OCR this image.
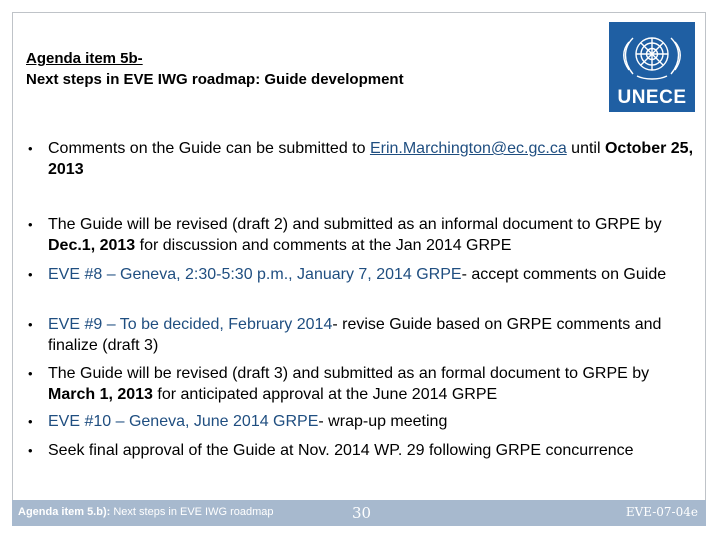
Agenda item 5b-
Next steps in EVE IWG roadmap: Guide development
UNECE
• Comments on the Guide can be submitted to Erin.Marchington@ec.gc.ca until October 25, 2013
• The Guide will be revised (draft 2) and submitted as an informal document to GRPE by Dec.1, 2013 for discussion and comments at the Jan 2014 GRPE
• EVE #8 – Geneva, 2:30-5:30 p.m., January 7, 2014 GRPE- accept comments on Guide
• EVE #9 – To be decided, February 2014- revise Guide based on GRPE comments and finalize (draft 3)
• The Guide will be revised (draft 3) and submitted as an formal document to GRPE by March 1, 2013 for anticipated approval at the June 2014 GRPE
• EVE #10 – Geneva, June 2014 GRPE- wrap-up meeting
• Seek final approval of the Guide at Nov. 2014 WP. 29 following GRPE concurrence
Agenda item 5.b): Next steps in EVE IWG roadmap	30	EVE-07-04e
